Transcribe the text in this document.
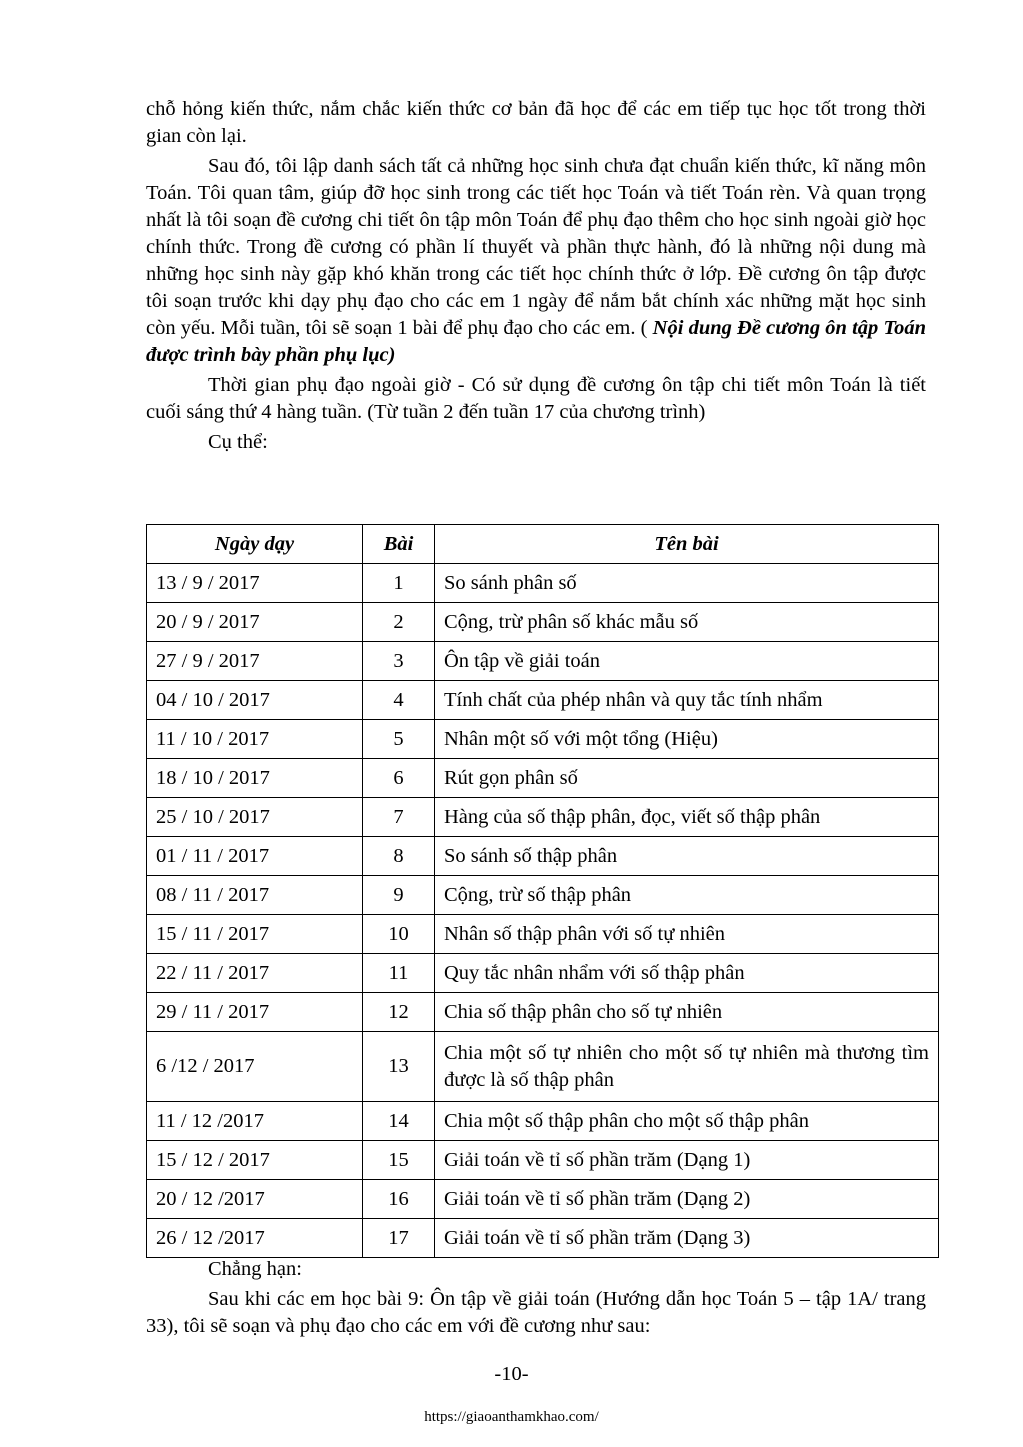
chỗ hỏng kiến thức, nắm chắc kiến thức cơ bản đã học để các em tiếp tục học tốt trong thời gian còn lại.

Sau đó, tôi lập danh sách tất cả những học sinh chưa đạt chuẩn kiến thức, kĩ năng môn Toán. Tôi quan tâm, giúp đỡ học sinh trong các tiết học Toán và tiết Toán rèn. Và quan trọng nhất là tôi soạn đề cương chi tiết ôn tập môn Toán để phụ đạo thêm cho học sinh ngoài giờ học chính thức. Trong đề cương có phần lí thuyết và phần thực hành, đó là những nội dung mà những học sinh này gặp khó khăn trong các tiết học chính thức ở lớp. Đề cương ôn tập được tôi soạn trước khi dạy phụ đạo cho các em 1 ngày để nắm bắt chính xác những mặt học sinh còn yếu. Mỗi tuần, tôi sẽ soạn 1 bài để phụ đạo cho các em. ( Nội dung Đề cương ôn tập Toán được trình bày phần phụ lục)

Thời gian phụ đạo ngoài giờ - Có sử dụng đề cương ôn tập chi tiết môn Toán là tiết cuối sáng thứ 4 hàng tuần. (Từ tuần 2 đến tuần 17 của chương trình)

Cụ thể:

Ngày dạy	Bài	Tên bài
13 / 9 / 2017	1	So sánh phân số
20 / 9 / 2017	2	Cộng, trừ phân số khác mẫu số
27 / 9 / 2017	3	Ôn tập về giải toán
04 / 10 / 2017	4	Tính chất của phép nhân và quy tắc tính nhẩm
11 / 10 / 2017	5	Nhân một số với một tổng (Hiệu)
18 / 10 / 2017	6	Rút gọn phân số
25 / 10 / 2017	7	Hàng của số thập phân, đọc, viết số thập phân
01 / 11 / 2017	8	So sánh số thập phân
08 / 11 / 2017	9	Cộng, trừ số thập phân
15 / 11 / 2017	10	Nhân số thập phân với số tự nhiên
22 / 11 / 2017	11	Quy tắc nhân nhẩm với số thập phân
29 / 11 / 2017	12	Chia số thập phân cho số tự nhiên
6 /12 / 2017	13	Chia một số tự nhiên cho một số tự nhiên mà thương tìm được là số thập phân
11 / 12 /2017	14	Chia một số thập phân cho một số thập phân
15 / 12 / 2017	15	Giải toán về tỉ số phần trăm (Dạng 1)
20 / 12 /2017	16	Giải toán về tỉ số phần trăm (Dạng 2)
26 / 12 /2017	17	Giải toán về tỉ số phần trăm (Dạng 3)

Chẳng hạn:

Sau khi các em học bài 9: Ôn tập về giải toán (Hướng dẫn học Toán 5 – tập 1A/ trang 33), tôi sẽ soạn và phụ đạo cho các em với đề cương như sau:

-10-
https://giaoanthamkhao.com/
